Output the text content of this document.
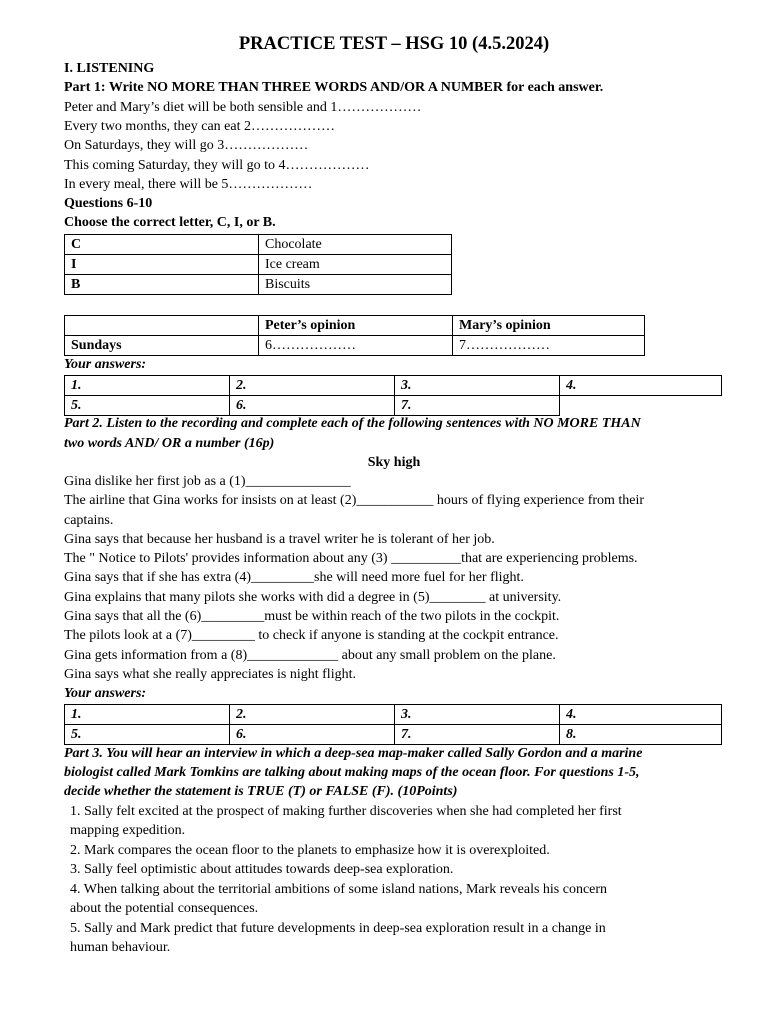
PRACTICE TEST – HSG 10 (4.5.2024)
I. LISTENING
Part 1: Write NO MORE THAN THREE WORDS AND/OR A NUMBER for each answer.
Peter and Mary’s diet will be both sensible and 1………………
Every two months, they can eat 2………………
On Saturdays, they will go 3………………
This coming Saturday, they will go to 4………………
In every meal, there will be 5………………
Questions 6-10
Choose the correct letter, C, I, or B.
C	Chocolate
I	Ice cream
B	Biscuits
	Peter’s opinion	Mary’s opinion
Sundays	6………………	7………………
Your answers:
1.	2.	3.	4.
5.	6.	7.	
Part 2. Listen to the recording and complete each of the following sentences with NO MORE THAN
two words AND/ OR a number (16p)
Sky high
Gina dislike her first job as a (1)_______________
The airline that Gina works for insists on at least (2)___________ hours of flying experience from their
captains.
Gina says that because her husband is a travel writer he is tolerant of her job.
The " Notice to Pilots' provides information about any (3) __________that are experiencing problems.
Gina says that if she has extra (4)_________she will need more fuel for her flight.
Gina explains that many pilots she works with did a degree in (5)________ at university.
Gina says that all the (6)_________must be within reach of the two pilots in the cockpit.
The pilots look at a (7)_________ to check if anyone is standing at the cockpit entrance.
Gina gets information from a (8)_____________ about any small problem on the plane.
Gina says what she really appreciates is night flight.
Your answers:
1.	2.	3.	4.
5.	6.	7.	8.
Part 3. You will hear an interview in which a deep-sea map-maker called Sally Gordon and a marine
biologist called Mark Tomkins are talking about making maps of the ocean floor. For questions 1-5,
decide whether the statement is TRUE (T) or FALSE (F). (10Points)
1. Sally felt excited at the prospect of making further discoveries when she had completed her first
mapping expedition.
2. Mark compares the ocean floor to the planets to emphasize how it is overexploited.
3. Sally feel optimistic about attitudes towards deep-sea exploration.
4. When talking about the territorial ambitions of some island nations, Mark reveals his concern
about the potential consequences.
5. Sally and Mark predict that future developments in deep-sea exploration result in a change in
human behaviour.
